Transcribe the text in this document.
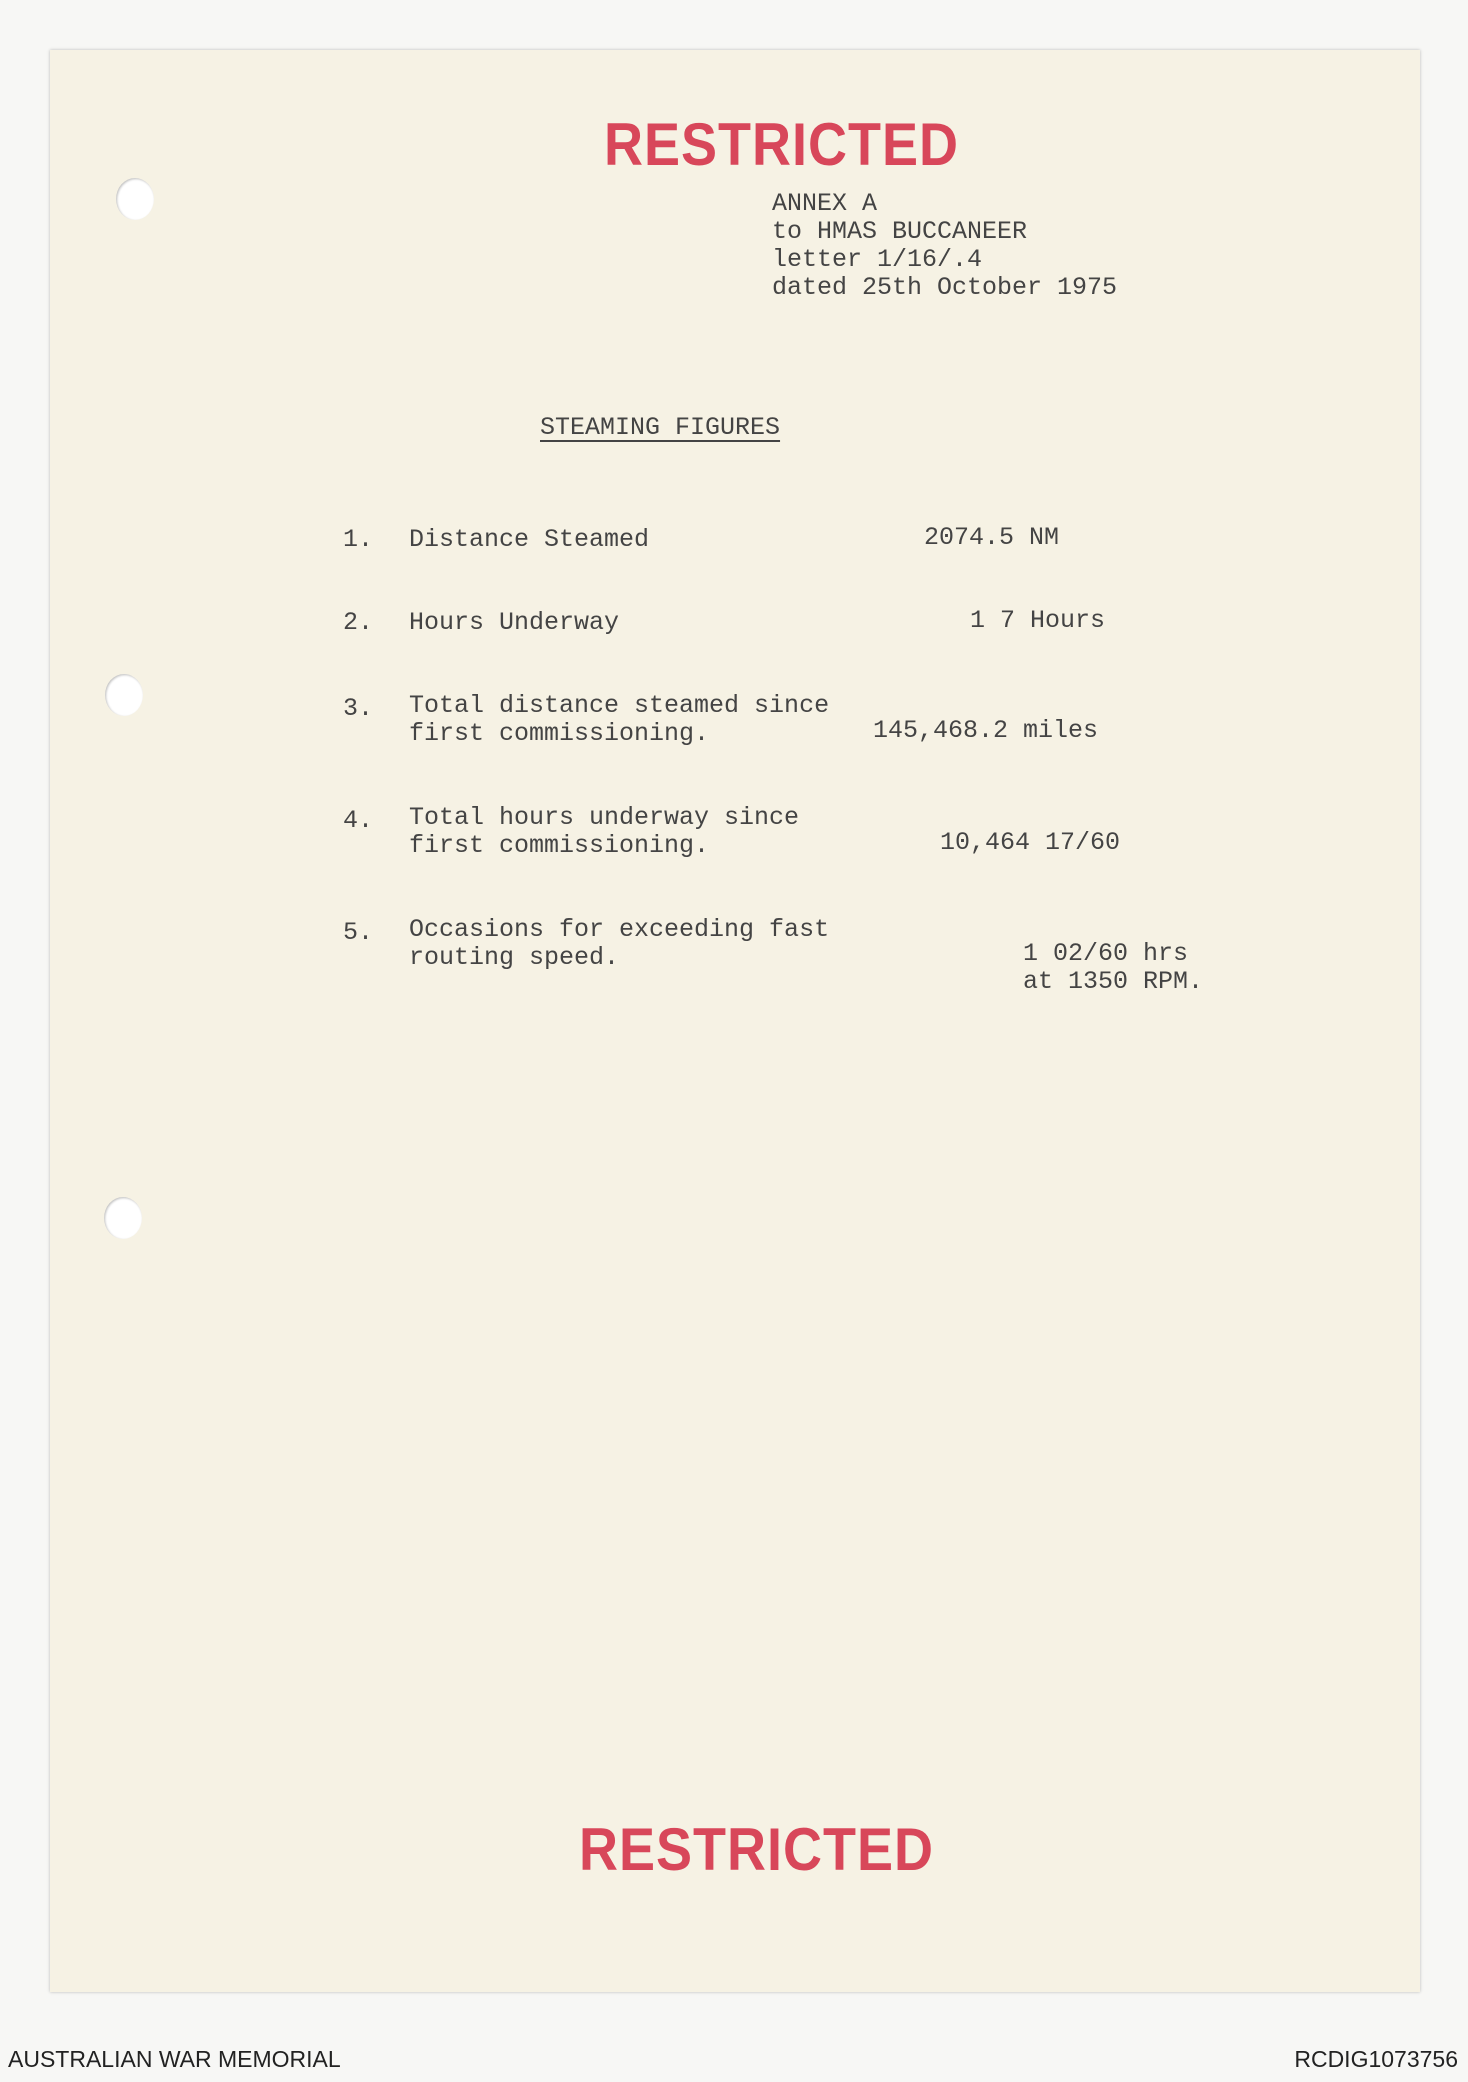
RESTRICTED
ANNEX A
to HMAS BUCCANEER
letter 1/16/.4
dated 25th October 1975
STEAMING FIGURES
1. Distance Steamed	2074.5 NM
2. Hours Underway	1 7 Hours
3. Total distance steamed since
first commissioning.	145,468.2 miles
4. Total hours underway since
first commissioning.	10,464 17/60
5. Occasions for exceeding fast
routing speed.	1 02/60 hrs
at 1350 RPM.
RESTRICTED
AUSTRALIAN WAR MEMORIAL	RCDIG1073756
